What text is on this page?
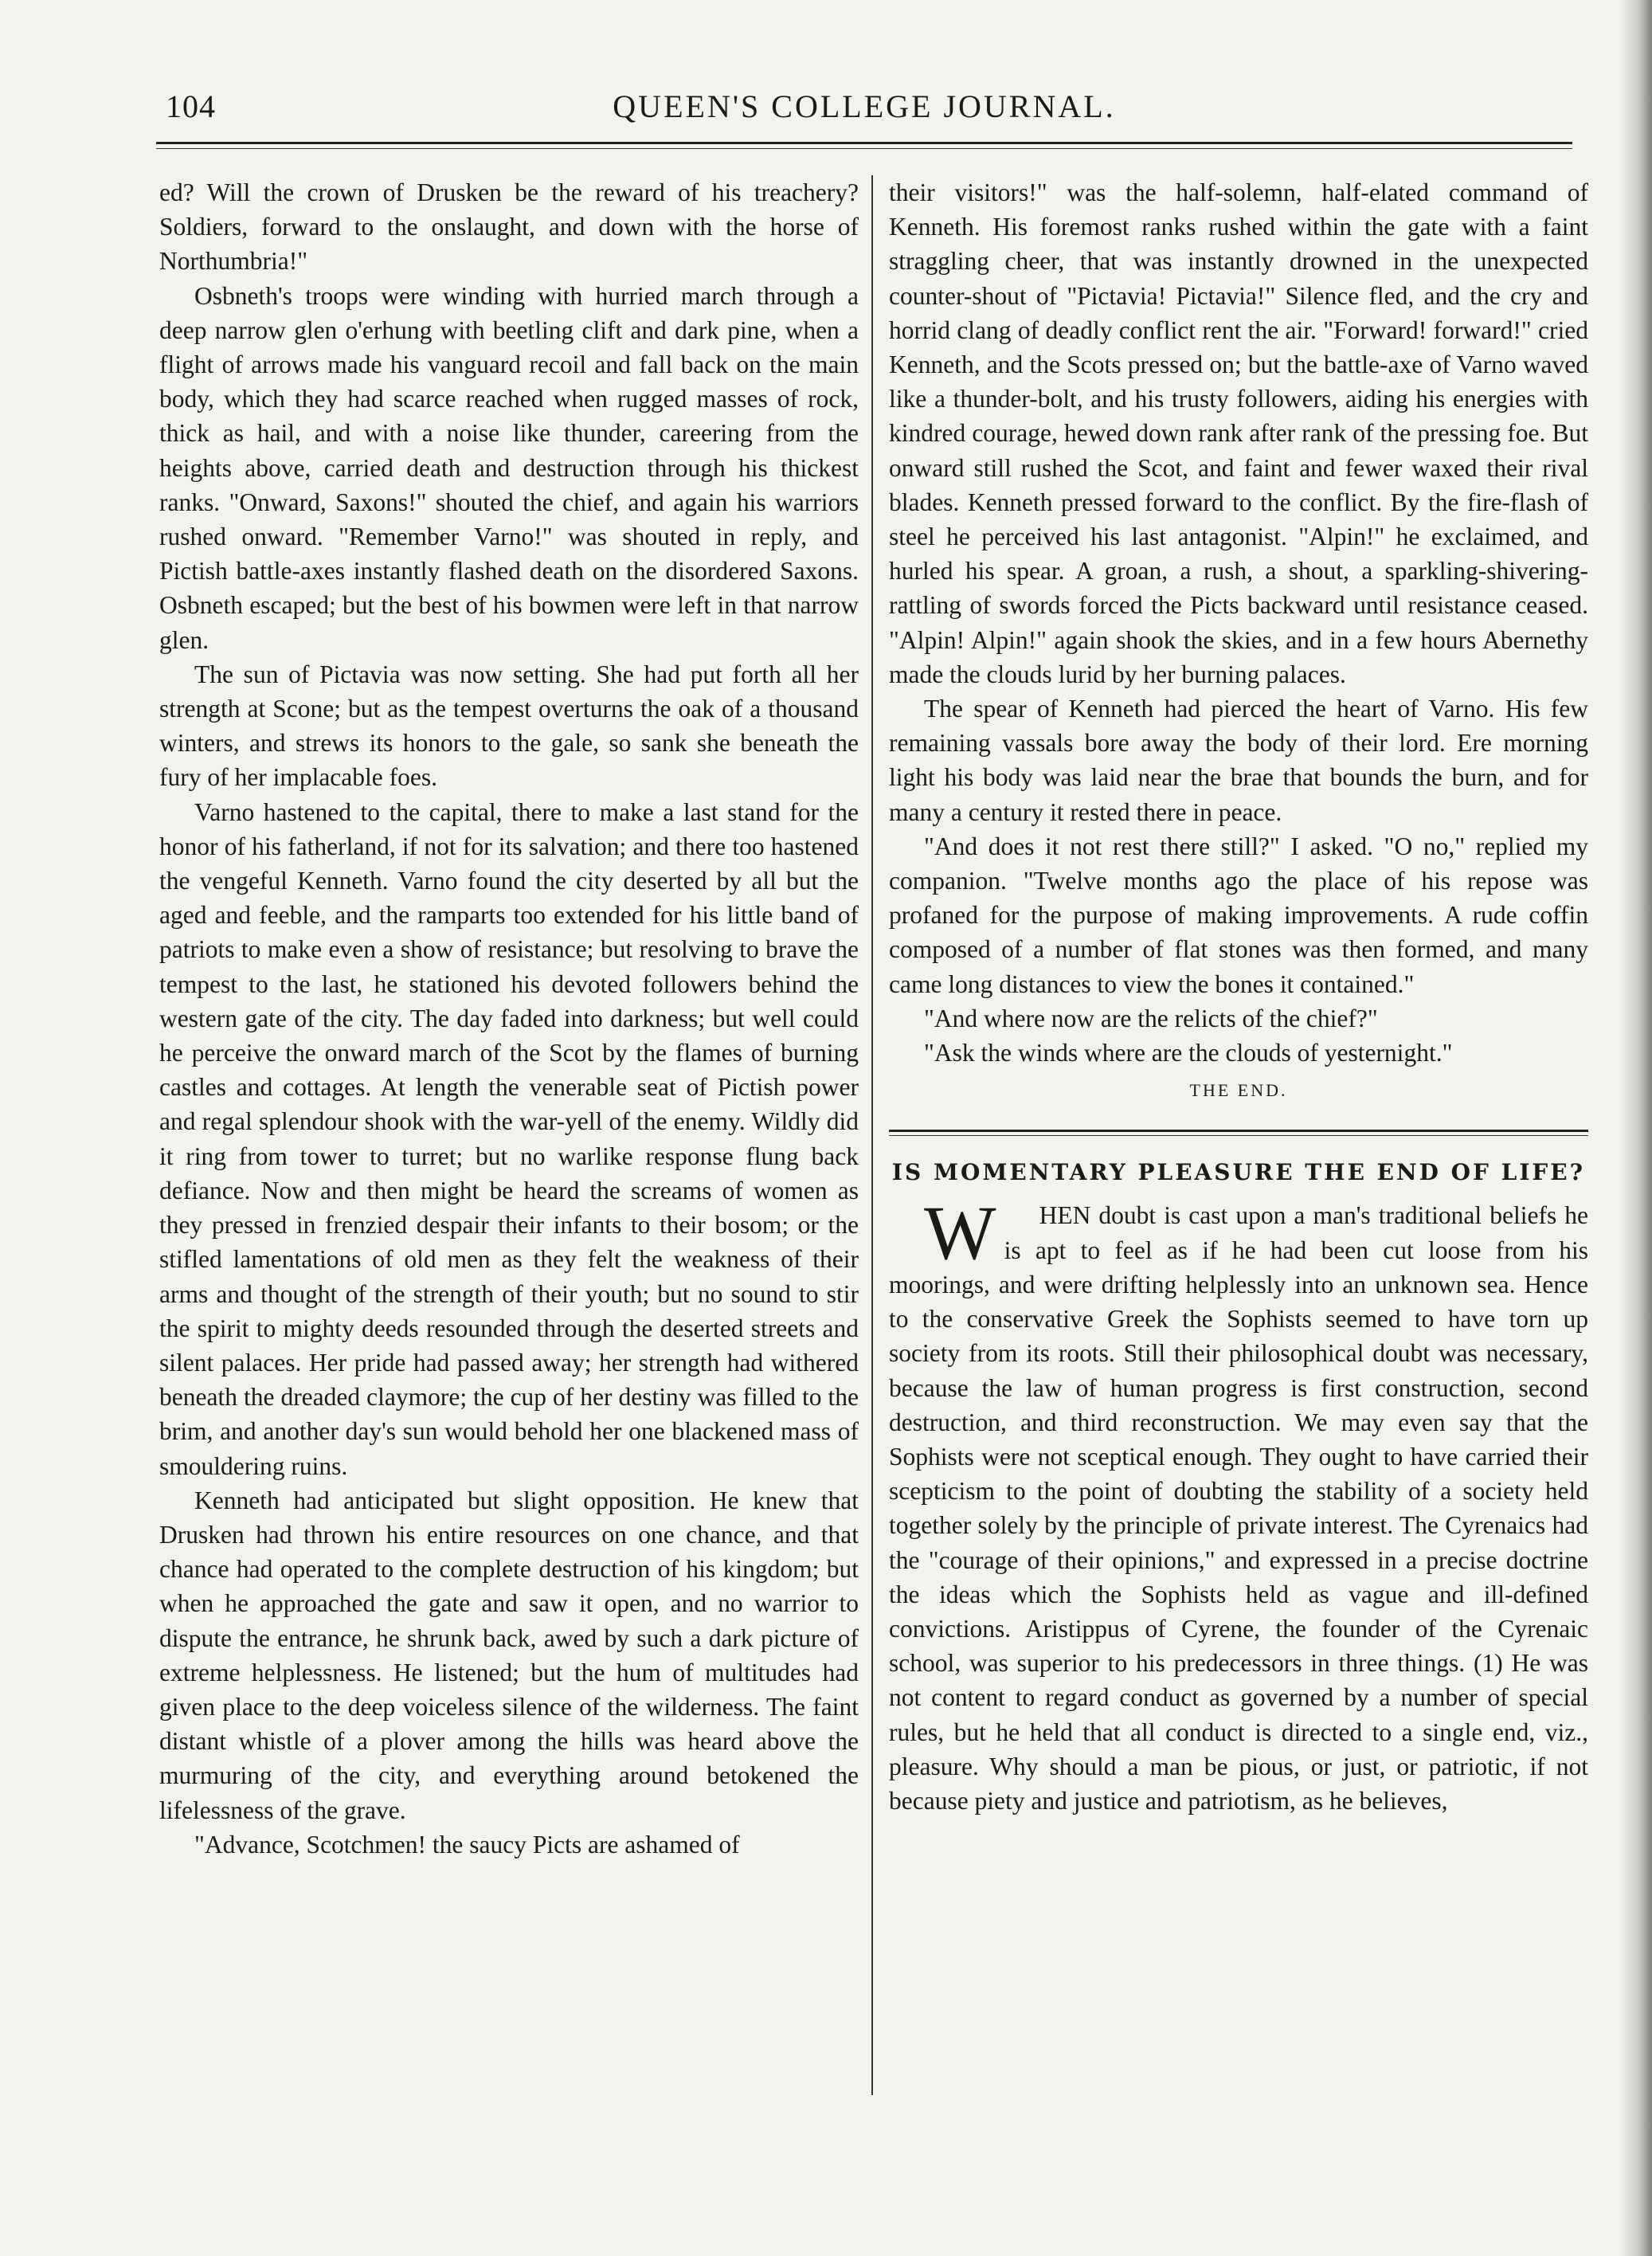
104	QUEEN'S COLLEGE JOURNAL.

ed? Will the crown of Drusken be the reward of his treachery? Soldiers, forward to the onslaught, and down with the horse of Northumbria!"

Osbneth's troops were winding with hurried march through a deep narrow glen o'erhung with beetling clift and dark pine, when a flight of arrows made his vanguard recoil and fall back on the main body, which they had scarce reached when rugged masses of rock, thick as hail, and with a noise like thunder, careering from the heights above, carried death and destruction through his thickest ranks. "Onward, Saxons!" shouted the chief, and again his warriors rushed onward. "Remember Varno!" was shouted in reply, and Pictish battle-axes instantly flashed death on the disordered Saxons. Osbneth escaped; but the best of his bowmen were left in that narrow glen.

The sun of Pictavia was now setting. She had put forth all her strength at Scone; but as the tempest overturns the oak of a thousand winters, and strews its honors to the gale, so sank she beneath the fury of her implacable foes.

Varno hastened to the capital, there to make a last stand for the honor of his fatherland, if not for its salvation; and there too hastened the vengeful Kenneth. Varno found the city deserted by all but the aged and feeble, and the ramparts too extended for his little band of patriots to make even a show of resistance; but resolving to brave the tempest to the last, he stationed his devoted followers behind the western gate of the city. The day faded into darkness; but well could he perceive the onward march of the Scot by the flames of burning castles and cottages. At length the venerable seat of Pictish power and regal splendour shook with the war-yell of the enemy. Wildly did it ring from tower to turret; but no warlike response flung back defiance. Now and then might be heard the screams of women as they pressed in frenzied despair their infants to their bosom; or the stifled lamentations of old men as they felt the weakness of their arms and thought of the strength of their youth; but no sound to stir the spirit to mighty deeds resounded through the deserted streets and silent palaces. Her pride had passed away; her strength had withered beneath the dreaded claymore; the cup of her destiny was filled to the brim, and another day's sun would behold her one blackened mass of smouldering ruins.

Kenneth had anticipated but slight opposition. He knew that Drusken had thrown his entire resources on one chance, and that chance had operated to the complete destruction of his kingdom; but when he approached the gate and saw it open, and no warrior to dispute the entrance, he shrunk back, awed by such a dark picture of extreme helplessness. He listened; but the hum of multitudes had given place to the deep voiceless silence of the wilderness. The faint distant whistle of a plover among the hills was heard above the murmuring of the city, and everything around betokened the lifelessness of the grave.

"Advance, Scotchmen! the saucy Picts are ashamed of

their visitors!" was the half-solemn, half-elated command of Kenneth. His foremost ranks rushed within the gate with a faint straggling cheer, that was instantly drowned in the unexpected counter-shout of "Pictavia! Pictavia!" Silence fled, and the cry and horrid clang of deadly conflict rent the air. "Forward! forward!" cried Kenneth, and the Scots pressed on; but the battle-axe of Varno waved like a thunder-bolt, and his trusty followers, aiding his energies with kindred courage, hewed down rank after rank of the pressing foe. But onward still rushed the Scot, and faint and fewer waxed their rival blades. Kenneth pressed forward to the conflict. By the fire-flash of steel he perceived his last antagonist. "Alpin!" he exclaimed, and hurled his spear. A groan, a rush, a shout, a sparkling-shivering-rattling of swords forced the Picts backward until resistance ceased. "Alpin! Alpin!" again shook the skies, and in a few hours Abernethy made the clouds lurid by her burning palaces.

The spear of Kenneth had pierced the heart of Varno. His few remaining vassals bore away the body of their lord. Ere morning light his body was laid near the brae that bounds the burn, and for many a century it rested there in peace.

"And does it not rest there still?" I asked. "O no," replied my companion. "Twelve months ago the place of his repose was profaned for the purpose of making improvements. A rude coffin composed of a number of flat stones was then formed, and many came long distances to view the bones it contained."

"And where now are the relicts of the chief?"

"Ask the winds where are the clouds of yesternight."

THE END.
IS MOMENTARY PLEASURE THE END OF LIFE?

W HEN doubt is cast upon a man's traditional beliefs he is apt to feel as if he had been cut loose from his moorings, and were drifting helplessly into an unknown sea. Hence to the conservative Greek the Sophists seemed to have torn up society from its roots. Still their philosophical doubt was necessary, because the law of human progress is first construction, second destruction, and third reconstruction. We may even say that the Sophists were not sceptical enough. They ought to have carried their scepticism to the point of doubting the stability of a society held together solely by the principle of private interest. The Cyrenaics had the "courage of their opinions," and expressed in a precise doctrine the ideas which the Sophists held as vague and ill-defined convictions. Aristippus of Cyrene, the founder of the Cyrenaic school, was superior to his predecessors in three things. (1) He was not content to regard conduct as governed by a number of special rules, but he held that all conduct is directed to a single end, viz., pleasure. Why should a man be pious, or just, or patriotic, if not because piety and justice and patriotism, as he believes,
